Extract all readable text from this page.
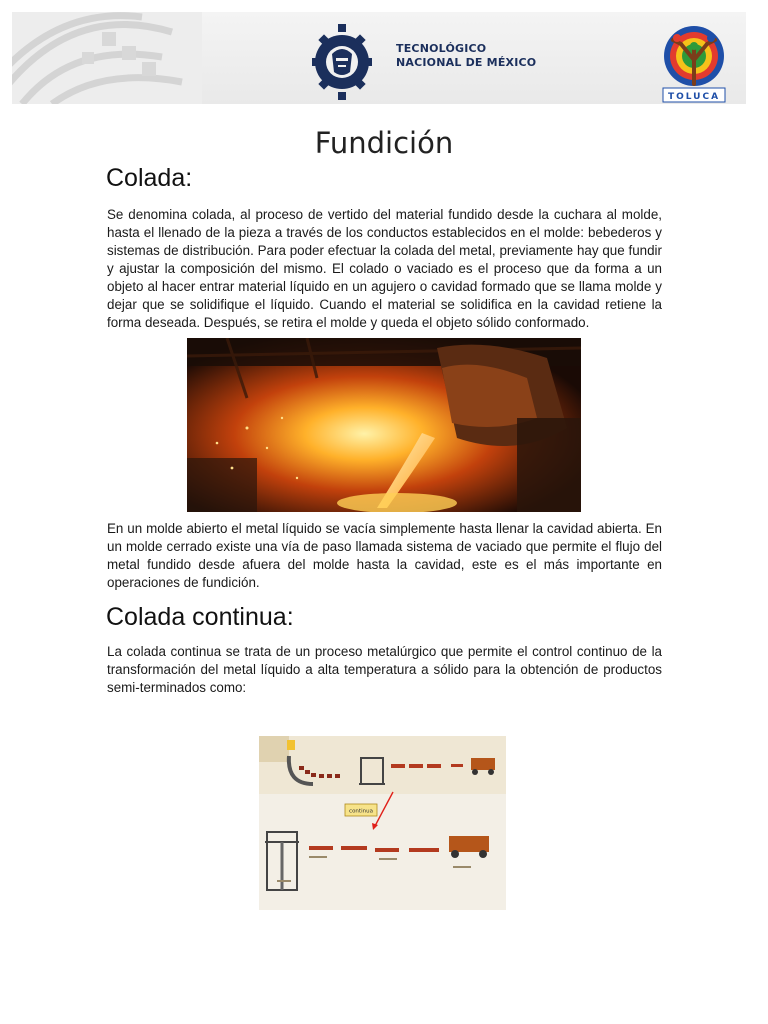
TECNOLÓGICO
NACIONAL DE MÉXICO
TOLUCA
Fundición
Colada:

Se denomina colada, al proceso de vertido del material fundido desde la cuchara al molde, hasta el llenado de la pieza a través de los conductos establecidos en el molde: bebederos y sistemas de distribución. Para poder efectuar la colada del metal, previamente hay que fundir y ajustar la composición del mismo. El colado o vaciado es el proceso que da forma a un objeto al hacer entrar material líquido en un agujero o cavidad formado que se llama molde y dejar que se solidifique el líquido. Cuando el material se solidifica en la cavidad retiene la forma deseada. Después, se retira el molde y queda el objeto sólido conformado.

En un molde abierto el metal líquido se vacía simplemente hasta llenar la cavidad abierta. En un molde cerrado existe una vía de paso llamada sistema de vaciado que permite el flujo del metal fundido desde afuera del molde hasta la cavidad, este es el más importante en operaciones de fundición.

Colada continua:

La colada continua se trata de un proceso metalúrgico que permite el control continuo de la transformación del metal líquido a alta temperatura a sólido para la obtención de productos semi-terminados como:

continua
